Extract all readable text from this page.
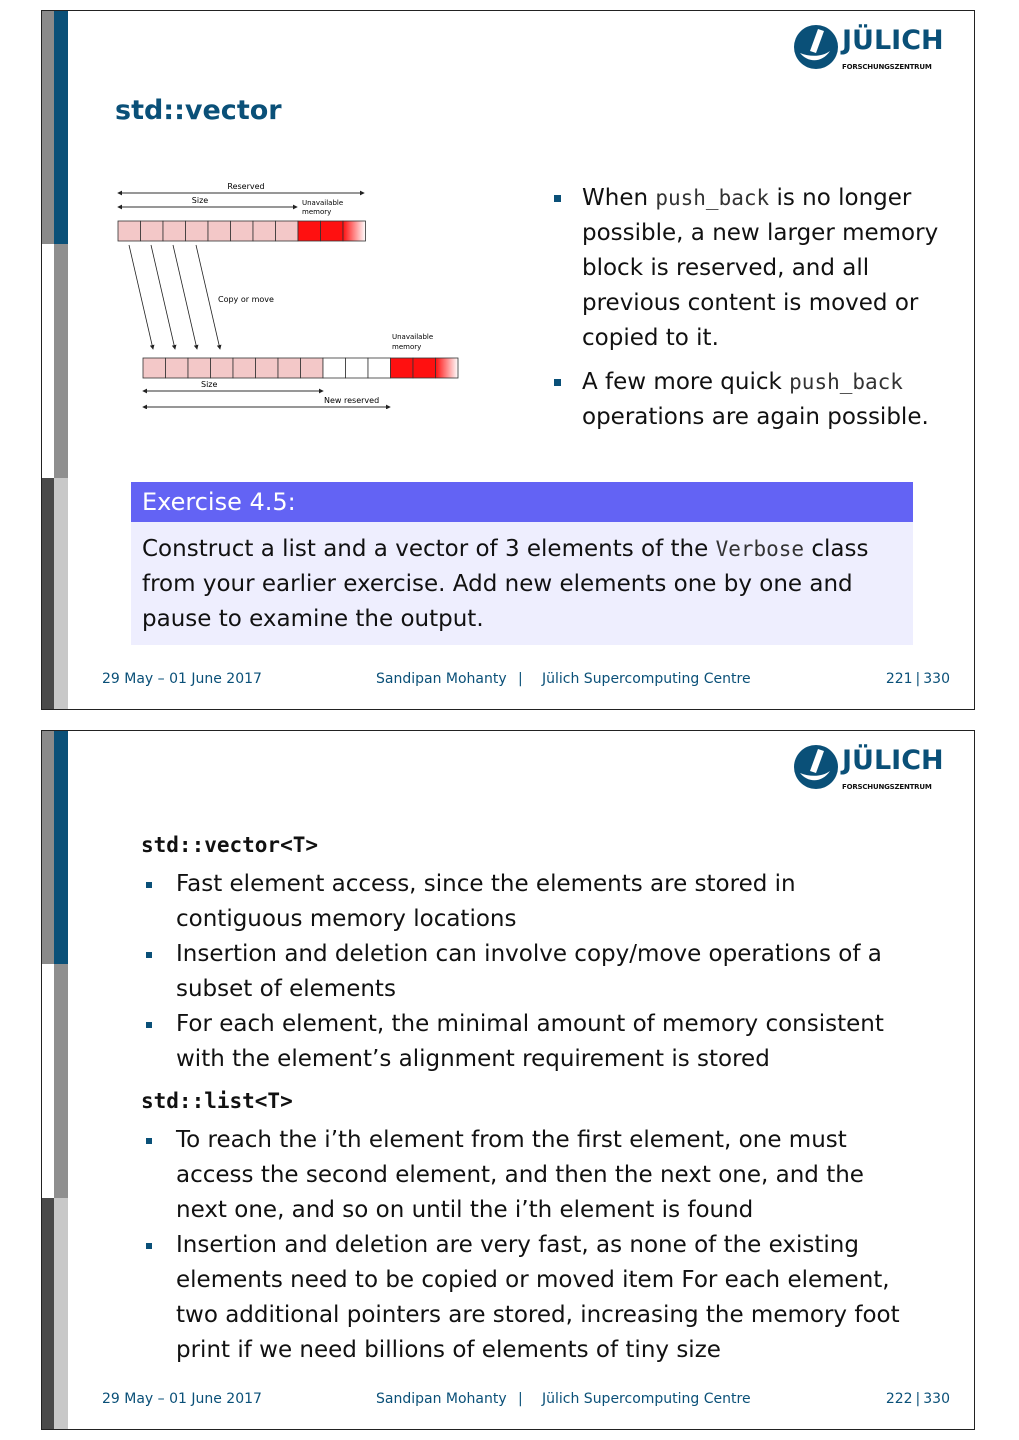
JÜLICH
FORSCHUNGSZENTRUM
std::vector
Reserved
Size	Unavailable
memory
Copy or move
Unavailable
memory
Size
New reserved
When push_back is no longer possible, a new larger memory block is reserved, and all previous content is moved or copied to it.
A few more quick push_back operations are again possible.
Exercise 4.5:
Construct a list and a vector of 3 elements of the Verbose class from your earlier exercise. Add new elements one by one and pause to examine the output.
29 May – 01 June 2017	Sandipan Mohanty | Jülich Supercomputing Centre	221 | 330
JÜLICH
FORSCHUNGSZENTRUM
std::vector<T>
Fast element access, since the elements are stored in contiguous memory locations
Insertion and deletion can involve copy/move operations of a subset of elements
For each element, the minimal amount of memory consistent with the element’s alignment requirement is stored
std::list<T>
To reach the i’th element from the first element, one must access the second element, and then the next one, and the next one, and so on until the i’th element is found
Insertion and deletion are very fast, as none of the existing elements need to be copied or moved item For each element, two additional pointers are stored, increasing the memory foot print if we need billions of elements of tiny size
29 May – 01 June 2017	Sandipan Mohanty | Jülich Supercomputing Centre	222 | 330
